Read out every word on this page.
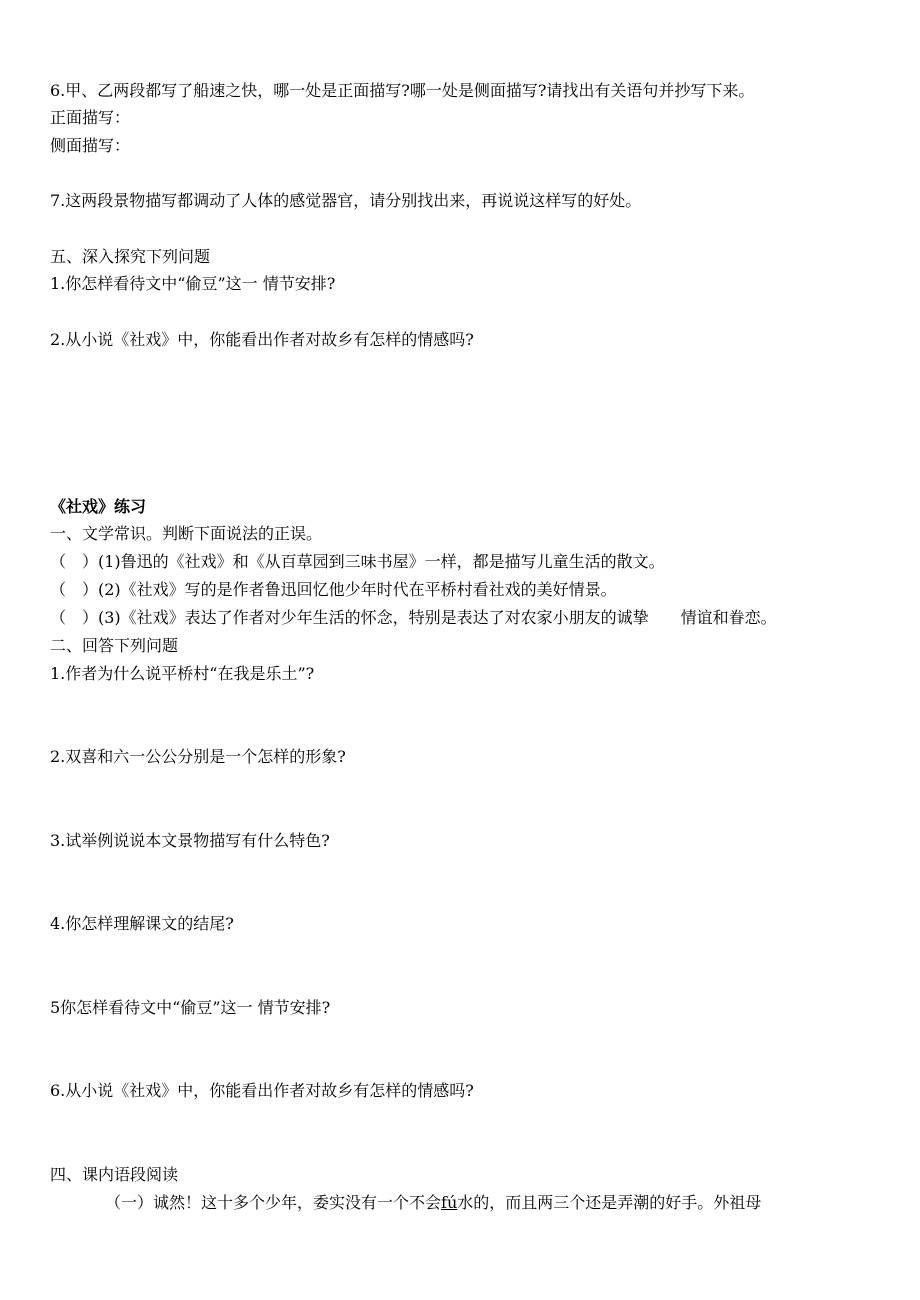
6.甲、乙两段都写了船速之快，哪一处是正面描写?哪一处是侧面描写?请找出有关语句并抄写下来。
正面描写：
侧面描写：
7.这两段景物描写都调动了人体的感觉器官，请分别找出来，再说说这样写的好处。
五、深入探究下列问题
1.你怎样看待文中“偷豆”这一 情节安排?
2.从小说《社戏》中，你能看出作者对故乡有怎样的情感吗?
《社戏》练习
一、文学常识。判断下面说法的正误。
（　）(1)鲁迅的《社戏》和《从百草园到三味书屋》一样，都是描写儿童生活的散文。
（　）(2)《社戏》写的是作者鲁迅回忆他少年时代在平桥村看社戏的美好情景。
（　）(3)《社戏》表达了作者对少年生活的怀念，特别是表达了对农家小朋友的诚挚　　情谊和眷恋。
二、回答下列问题
1.作者为什么说平桥村“在我是乐土”?
2.双喜和六一公公分别是一个怎样的形象?
3.试举例说说本文景物描写有什么特色?
4.你怎样理解课文的结尾?
5你怎样看待文中“偷豆”这一 情节安排?
6.从小说《社戏》中，你能看出作者对故乡有怎样的情感吗?
四、课内语段阅读
（一）诚然！这十多个少年，委实没有一个不会fú水的，而且两三个还是弄潮的好手。外祖母
